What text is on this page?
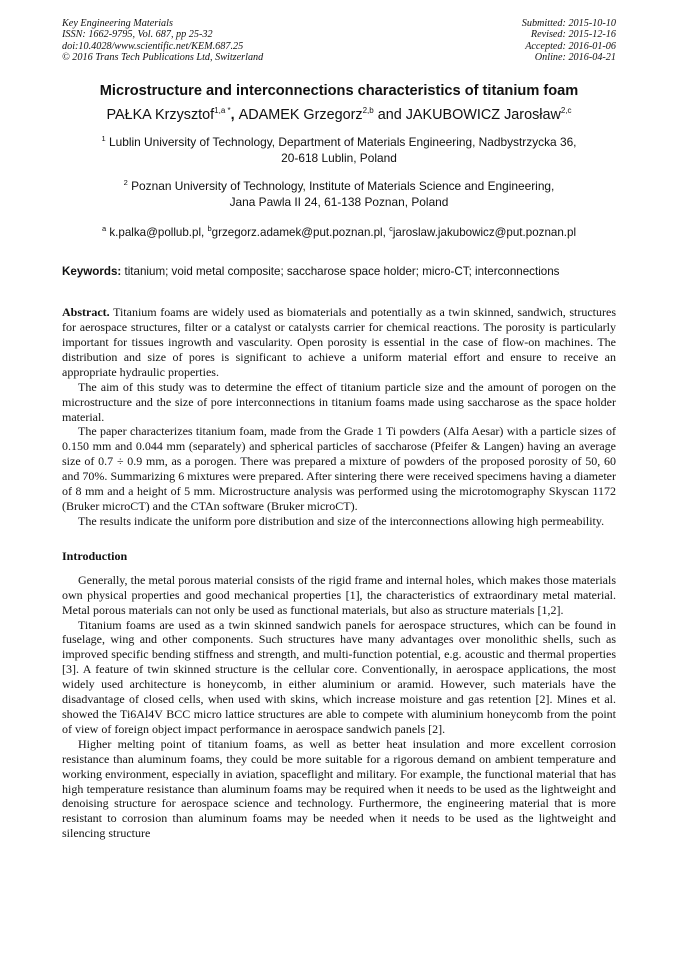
Key Engineering Materials
ISSN: 1662-9795, Vol. 687, pp 25-32
doi:10.4028/www.scientific.net/KEM.687.25
© 2016 Trans Tech Publications Ltd, Switzerland
Submitted: 2015-10-10
Revised: 2015-12-16
Accepted: 2016-01-06
Online: 2016-04-21
Microstructure and interconnections characteristics of titanium foam
PAŁKA Krzysztof$^{1,a *}$, ADAMEK Grzegorz$^{2,b}$ and JAKUBOWICZ Jarosław$^{2,c}$
$^1$ Lublin University of Technology, Department of Materials Engineering, Nadbystrzycka 36,
20-618 Lublin, Poland
$^2$ Poznan University of Technology, Institute of Materials Science and Engineering,
Jana Pawla II 24, 61-138 Poznan, Poland
$^a$ k.palka@pollub.pl, $^b$grzegorz.adamek@put.poznan.pl, $^c$jaroslaw.jakubowicz@put.poznan.pl
Keywords: titanium; void metal composite; saccharose space holder; micro-CT; interconnections

Abstract. Titanium foams are widely used as biomaterials and potentially as a twin skinned, sandwich, structures for aerospace structures, filter or a catalyst or catalysts carrier for chemical reactions. The porosity is particularly important for tissues ingrowth and vascularity. Open porosity is essential in the case of flow-on machines. The distribution and size of pores is significant to achieve a uniform material effort and ensure to receive an appropriate hydraulic properties.

The aim of this study was to determine the effect of titanium particle size and the amount of porogen on the microstructure and the size of pore interconnections in titanium foams made using saccharose as the space holder material.

The paper characterizes titanium foam, made from the Grade 1 Ti powders (Alfa Aesar) with a particle sizes of 0.150 mm and 0.044 mm (separately) and spherical particles of saccharose (Pfeifer & Langen) having an average size of 0.7 ÷ 0.9 mm, as a porogen. There was prepared a mixture of powders of the proposed porosity of 50, 60 and 70%. Summarizing 6 mixtures were prepared. After sintering there were received specimens having a diameter of 8 mm and a height of 5 mm. Microstructure analysis was performed using the microtomography Skyscan 1172 (Bruker microCT) and the CTAn software (Bruker microCT).

The results indicate the uniform pore distribution and size of the interconnections allowing high permeability.

Introduction

Generally, the metal porous material consists of the rigid frame and internal holes, which makes those materials own physical properties and good mechanical properties [1], the characteristics of extraordinary metal material. Metal porous materials can not only be used as functional materials, but also as structure materials [1,2].

Titanium foams are used as a twin skinned sandwich panels for aerospace structures, which can be found in fuselage, wing and other components. Such structures have many advantages over monolithic shells, such as improved specific bending stiffness and strength, and multi-function potential, e.g. acoustic and thermal properties [3]. A feature of twin skinned structure is the cellular core. Conventionally, in aerospace applications, the most widely used architecture is honeycomb, in either aluminium or aramid. However, such materials have the disadvantage of closed cells, when used with skins, which increase moisture and gas retention [2]. Mines et al. showed the Ti6Al4V BCC micro lattice structures are able to compete with aluminium honeycomb from the point of view of foreign object impact performance in aerospace sandwich panels [2].

Higher melting point of titanium foams, as well as better heat insulation and more excellent corrosion resistance than aluminum foams, they could be more suitable for a rigorous demand on ambient temperature and working environment, especially in aviation, spaceflight and military. For example, the functional material that has high temperature resistance than aluminum foams may be required when it needs to be used as the lightweight and denoising structure for aerospace science and technology. Furthermore, the engineering material that is more resistant to corrosion than aluminum foams may be needed when it needs to be used as the lightweight and silencing structure
